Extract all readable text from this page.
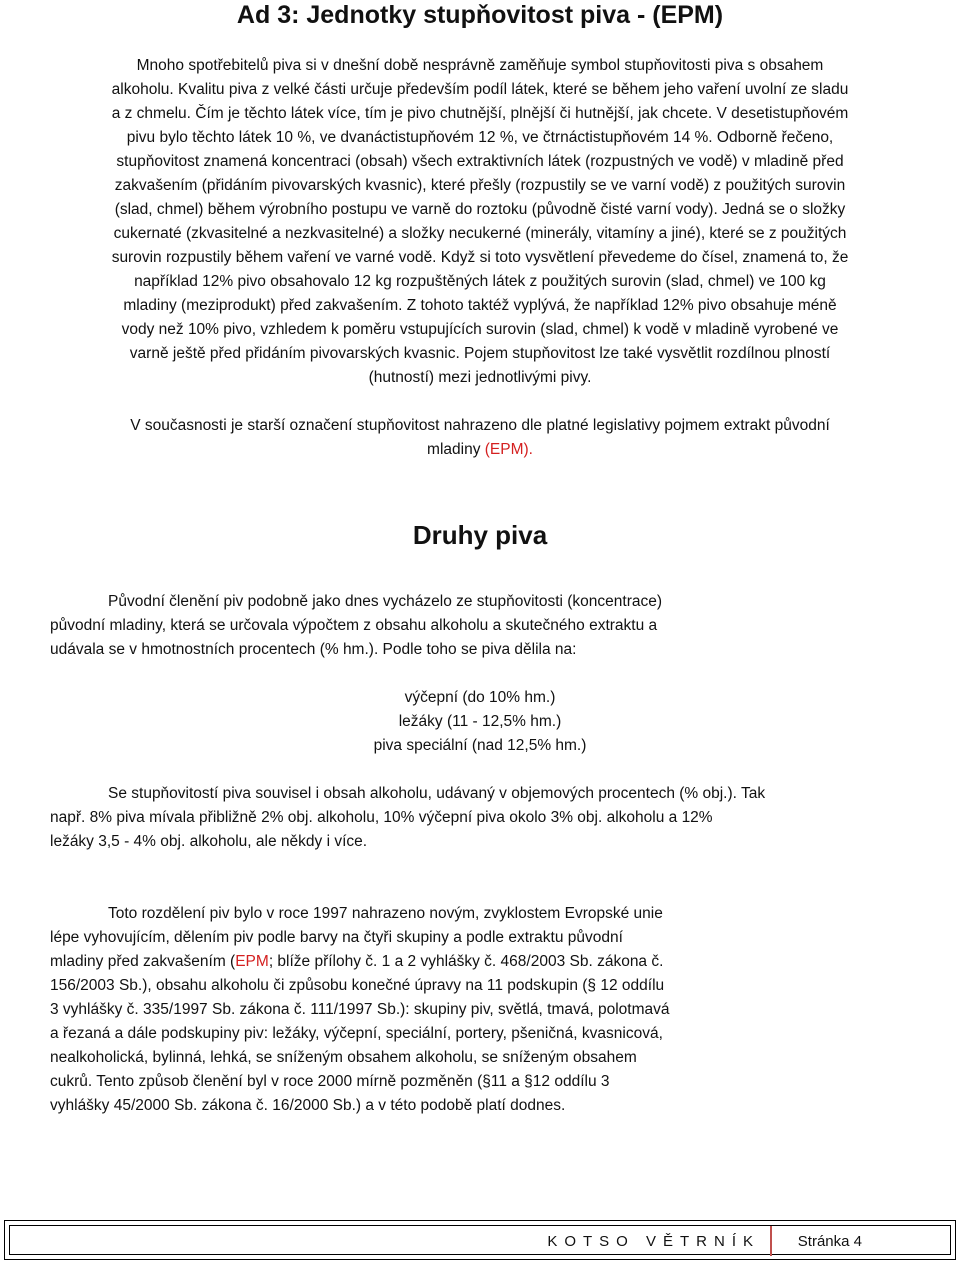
Ad 3: Jednotky stupňovitost piva - (EPM)
Mnoho spotřebitelů piva si v dnešní době nesprávně zaměňuje symbol stupňovitosti piva s obsahem
alkoholu. Kvalitu piva z velké části určuje především podíl látek, které se během jeho vaření uvolní ze sladu
a z chmelu. Čím je těchto látek více, tím je pivo chutnější, plnější či hutnější, jak chcete. V desetistupňovém
pivu bylo těchto látek 10 %, ve dvanáctistupňovém 12 %, ve čtrnáctistupňovém 14 %. Odborně řečeno,
stupňovitost znamená koncentraci (obsah) všech extraktivních látek (rozpustných ve vodě) v mladině před
zakvašením (přidáním pivovarských kvasnic), které přešly (rozpustily se ve varní vodě) z použitých surovin
(slad, chmel) během výrobního postupu ve varně do roztoku (původně čisté varní vody). Jedná se o složky
cukernaté (zkvasitelné a nezkvasitelné) a složky necukerné (minerály, vitamíny a jiné), které se z použitých
surovin rozpustily během vaření ve varné vodě. Když si toto vysvětlení převedeme do čísel, znamená to, že
například 12% pivo obsahovalo 12 kg rozpuštěných látek z použitých surovin (slad, chmel) ve 100 kg
mladiny (meziprodukt) před zakvašením. Z tohoto taktéž vyplývá, že například 12% pivo obsahuje méně
vody než 10% pivo, vzhledem k poměru vstupujících surovin (slad, chmel) k vodě v mladině vyrobené ve
varně ještě před přidáním pivovarských kvasnic. Pojem stupňovitost lze také vysvětlit rozdílnou plností
(hutností) mezi jednotlivými pivy.
V současnosti je starší označení stupňovitost nahrazeno dle platné legislativy pojmem extrakt původní
mladiny (EPM).
Druhy piva
Původní členění piv podobně jako dnes vycházelo ze stupňovitosti (koncentrace)
původní mladiny, která se určovala výpočtem z obsahu alkoholu a skutečného extraktu a
udávala se v hmotnostních procentech (% hm.). Podle toho se piva dělila na:
výčepní (do 10% hm.)
ležáky (11 - 12,5% hm.)
piva speciální (nad 12,5% hm.)
Se stupňovitostí piva souvisel i obsah alkoholu, udávaný v objemových procentech (% obj.). Tak
např. 8% piva mívala přibližně 2% obj. alkoholu, 10% výčepní piva okolo 3% obj. alkoholu a 12%
ležáky 3,5 - 4% obj. alkoholu, ale někdy i více.
Toto rozdělení piv bylo v roce 1997 nahrazeno novým, zvyklostem Evropské unie
lépe vyhovujícím, dělením piv podle barvy na čtyři skupiny a podle extraktu původní
mladiny před zakvašením (EPM; blíže přílohy č. 1 a 2 vyhlášky č. 468/2003 Sb. zákona č.
156/2003 Sb.), obsahu alkoholu či způsobu konečné úpravy na 11 podskupin (§ 12 oddílu
3 vyhlášky č. 335/1997 Sb. zákona č. 111/1997 Sb.): skupiny piv, světlá, tmavá, polotmavá
a řezaná a dále podskupiny piv: ležáky, výčepní, speciální, portery, pšeničná, kvasnicová,
nealkoholická, bylinná, lehká, se sníženým obsahem alkoholu, se sníženým obsahem
cukrů. Tento způsob členění byl v roce 2000 mírně pozměněn (§11 a §12 oddílu 3
vyhlášky 45/2000 Sb. zákona č. 16/2000 Sb.) a v této podobě platí dodnes.
KOTSO VĚTRNÍK	Stránka 4
